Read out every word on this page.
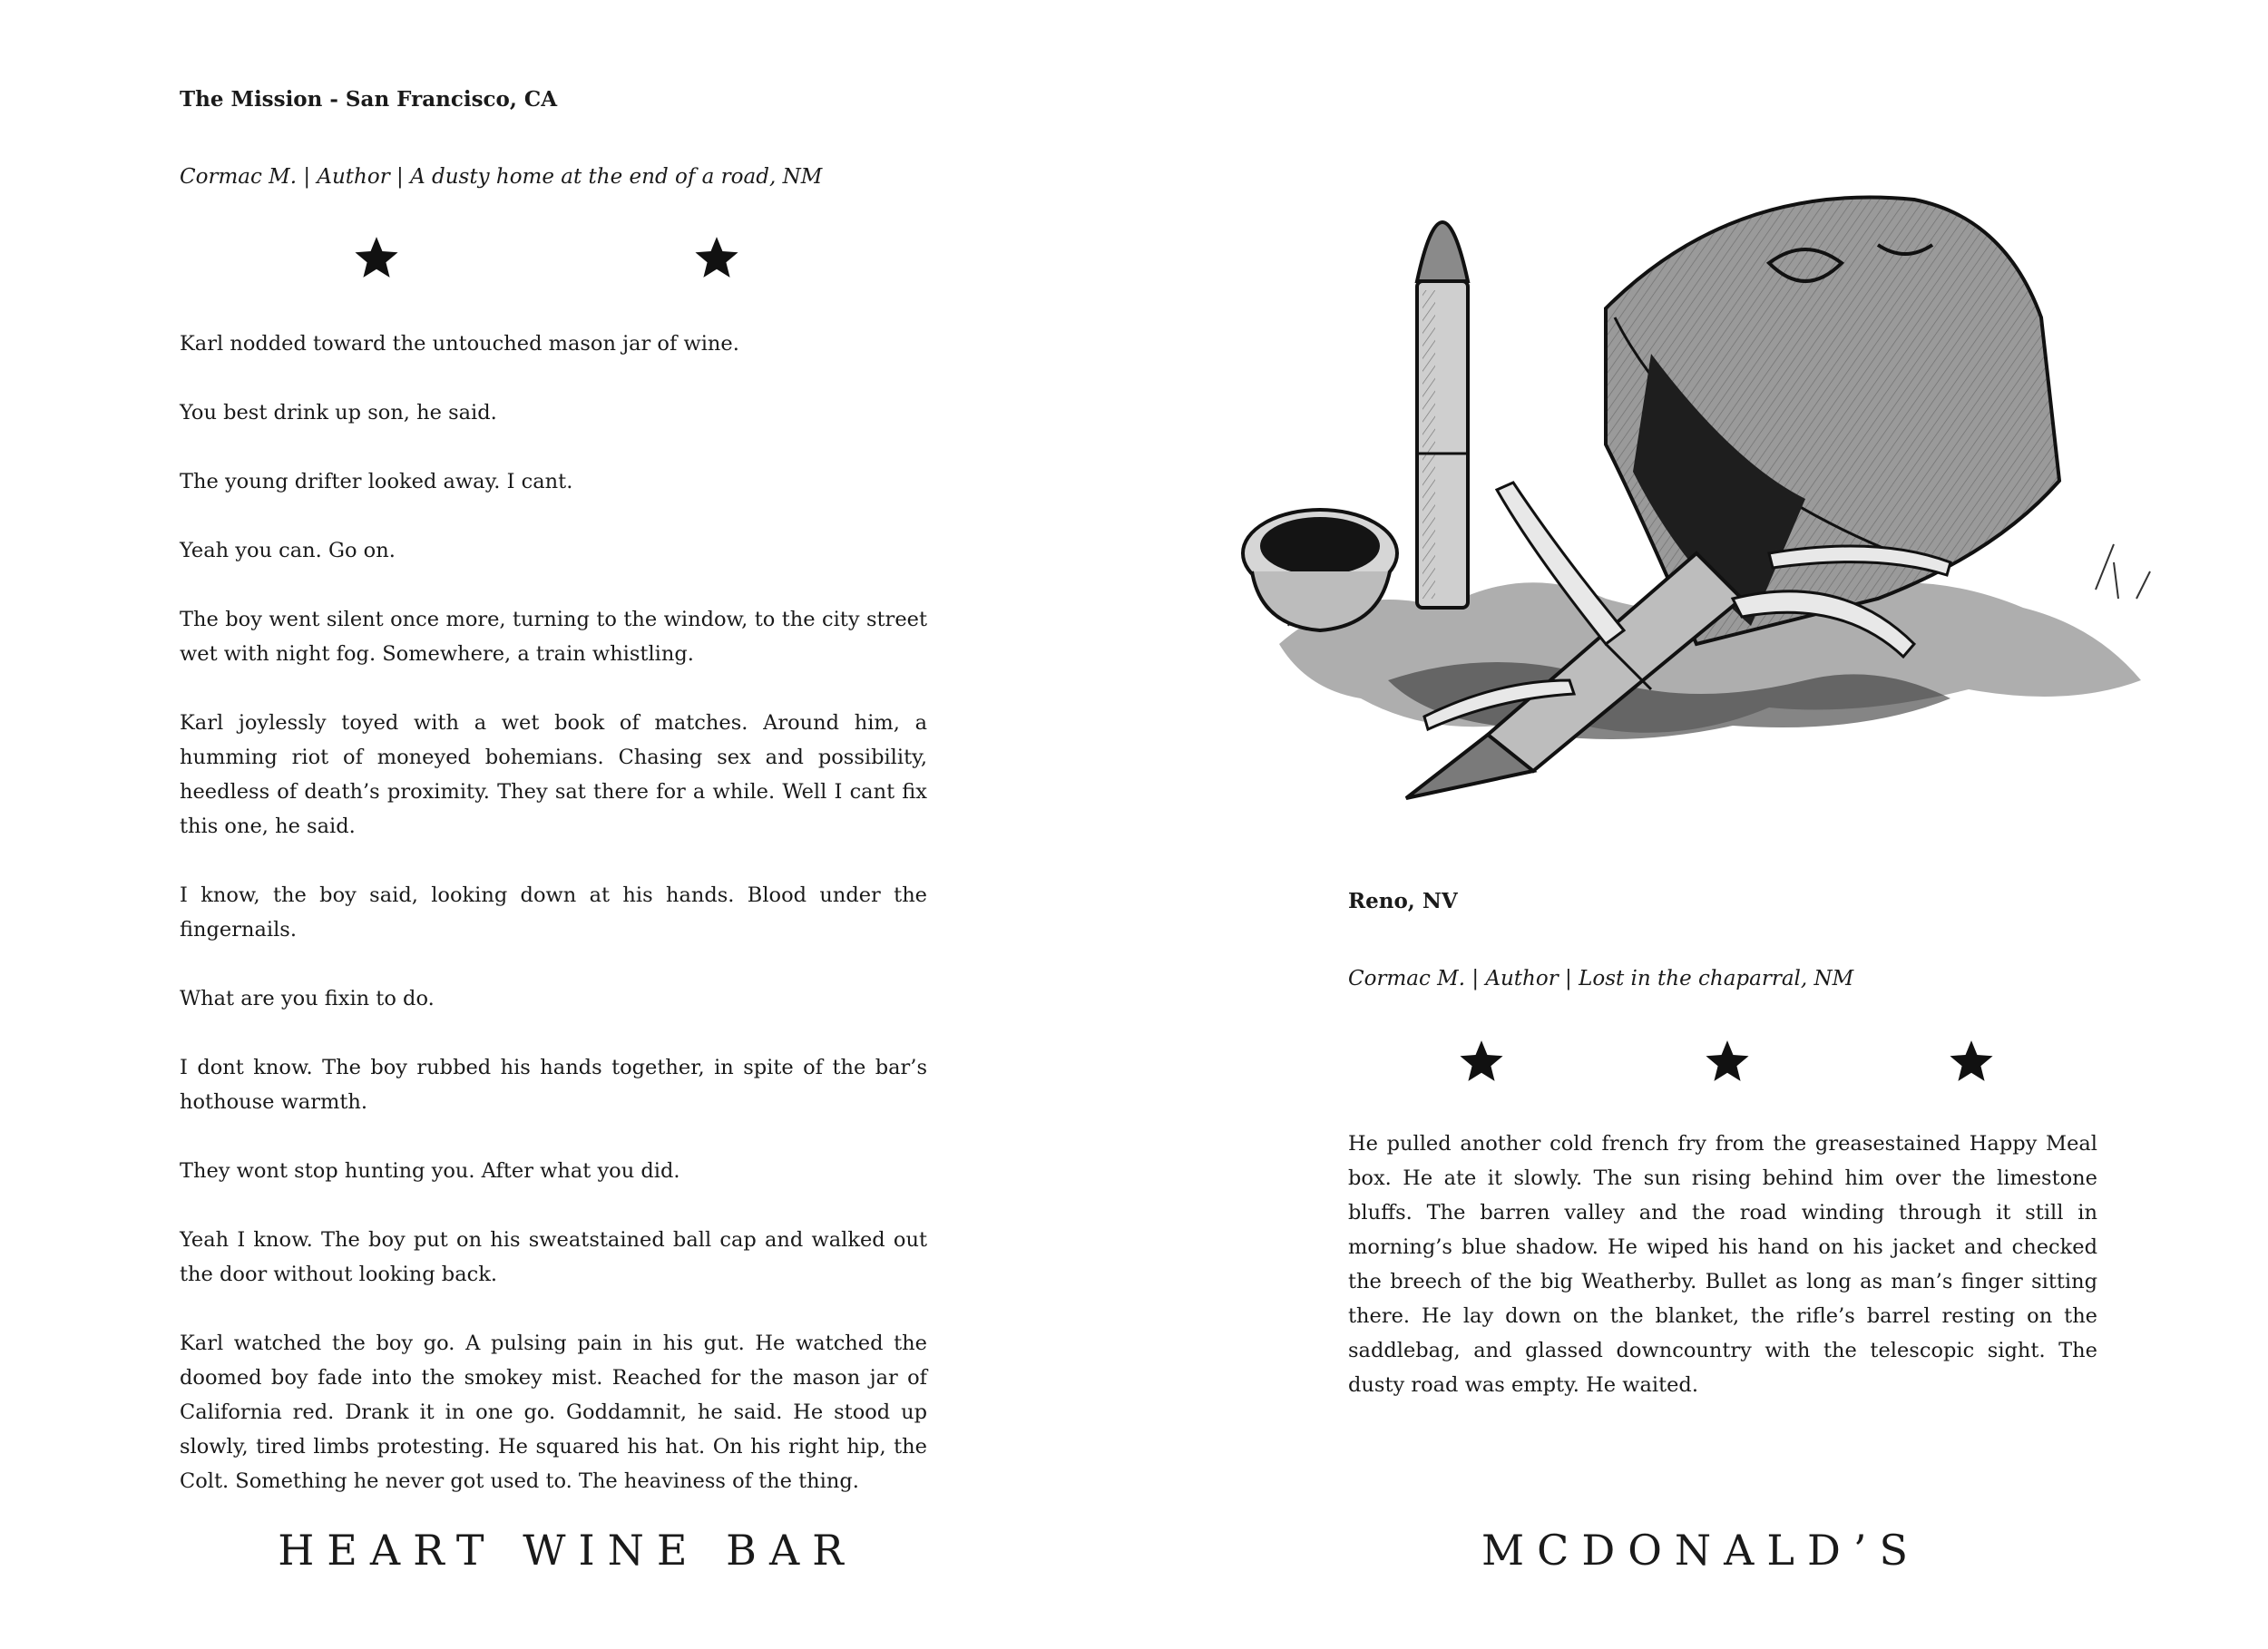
The Mission - San Francisco, CA

Cormac M. | Author | A dusty home at the end of a road, NM

Karl nodded toward the untouched mason jar of wine.

You best drink up son, he said.

The young drifter looked away. I cant.

Yeah you can. Go on.

The boy went silent once more, turning to the window, to the city street wet with night fog. Somewhere, a train whistling.

Karl joylessly toyed with a wet book of matches. Around him, a humming riot of moneyed bohemians. Chasing sex and possibility, heedless of death’s proximity. They sat there for a while. Well I cant fix this one, he said.

I know, the boy said, looking down at his hands. Blood under the fingernails.

What are you fixin to do.

I dont know. The boy rubbed his hands together, in spite of the bar’s hothouse warmth.

They wont stop hunting you. After what you did.

Yeah I know. The boy put on his sweatstained ball cap and walked out the door without looking back.

Karl watched the boy go. A pulsing pain in his gut. He watched the doomed boy fade into the smokey mist. Reached for the mason jar of California red. Drank it in one go. Goddamnit, he said. He stood up slowly, tired limbs protesting. He squared his hat. On his right hip, the Colt. Something he never got used to. The heaviness of the thing.

HEART WINE BAR
Reno, NV

Cormac M. | Author | Lost in the chaparral, NM

He pulled another cold french fry from the greasestained Happy Meal box. He ate it slowly. The sun rising behind him over the limestone bluffs. The barren valley and the road winding through it still in morning’s blue shadow. He wiped his hand on his jacket and checked the breech of the big Weatherby. Bullet as long as man’s finger sitting there. He lay down on the blanket, the rifle’s barrel resting on the saddlebag, and glassed downcountry with the telescopic sight. The dusty road was empty. He waited.

MCDONALD’S
